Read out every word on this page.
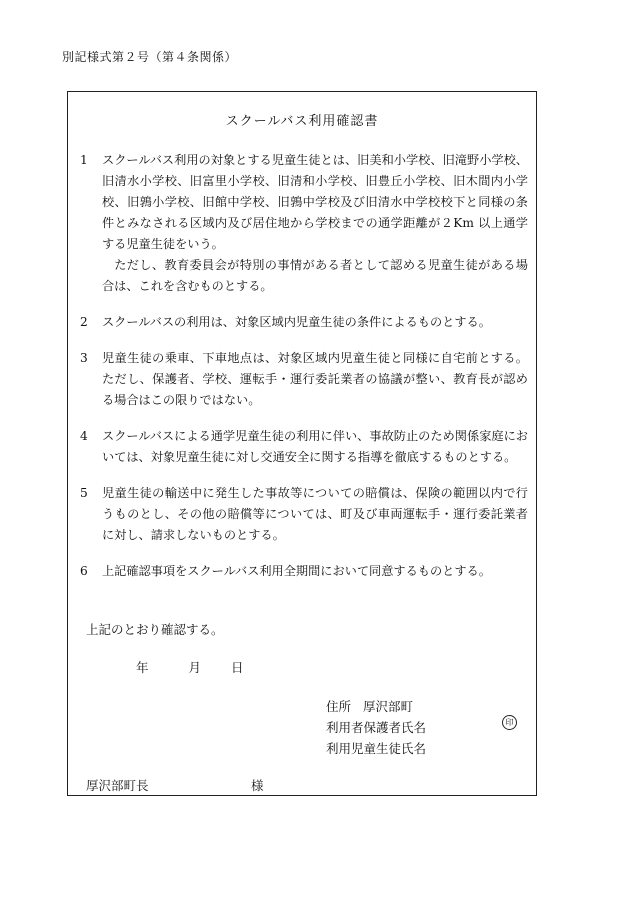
別記様式第２号（第４条関係）
スクールバス利用確認書
1	スクールバス利用の対象とする児童生徒とは、旧美和小学校、旧滝野小学校、旧清水小学校、旧富里小学校、旧清和小学校、旧豊丘小学校、旧木間内小学校、旧鶉小学校、旧館中学校、旧鶉中学校及び旧清水中学校校下と同様の条件とみなされる区域内及び居住地から学校までの通学距離が２Km 以上通学する児童生徒をいう。

ただし、教育委員会が特別の事情がある者として認める児童生徒がある場合は、これを含むものとする。

2	スクールバスの利用は、対象区域内児童生徒の条件によるものとする。

3	児童生徒の乗車、下車地点は、対象区域内児童生徒と同様に自宅前とする。ただし、保護者、学校、運転手・運行委託業者の協議が整い、教育長が認める場合はこの限りではない。

4	スクールバスによる通学児童生徒の利用に伴い、事故防止のため関係家庭においては、対象児童生徒に対し交通安全に関する指導を徹底するものとする。

5	児童生徒の輸送中に発生した事故等についての賠償は、保険の範囲以内で行うものとし、その他の賠償等については、町及び車両運転手・運行委託業者に対し、請求しないものとする。

6	上記確認事項をスクールバス利用全期間において同意するものとする。

上記のとおり確認する。
年	月 日
住所 厚沢部町
利用者保護者氏名
利用児童生徒氏名
印
厚沢部町長	様
